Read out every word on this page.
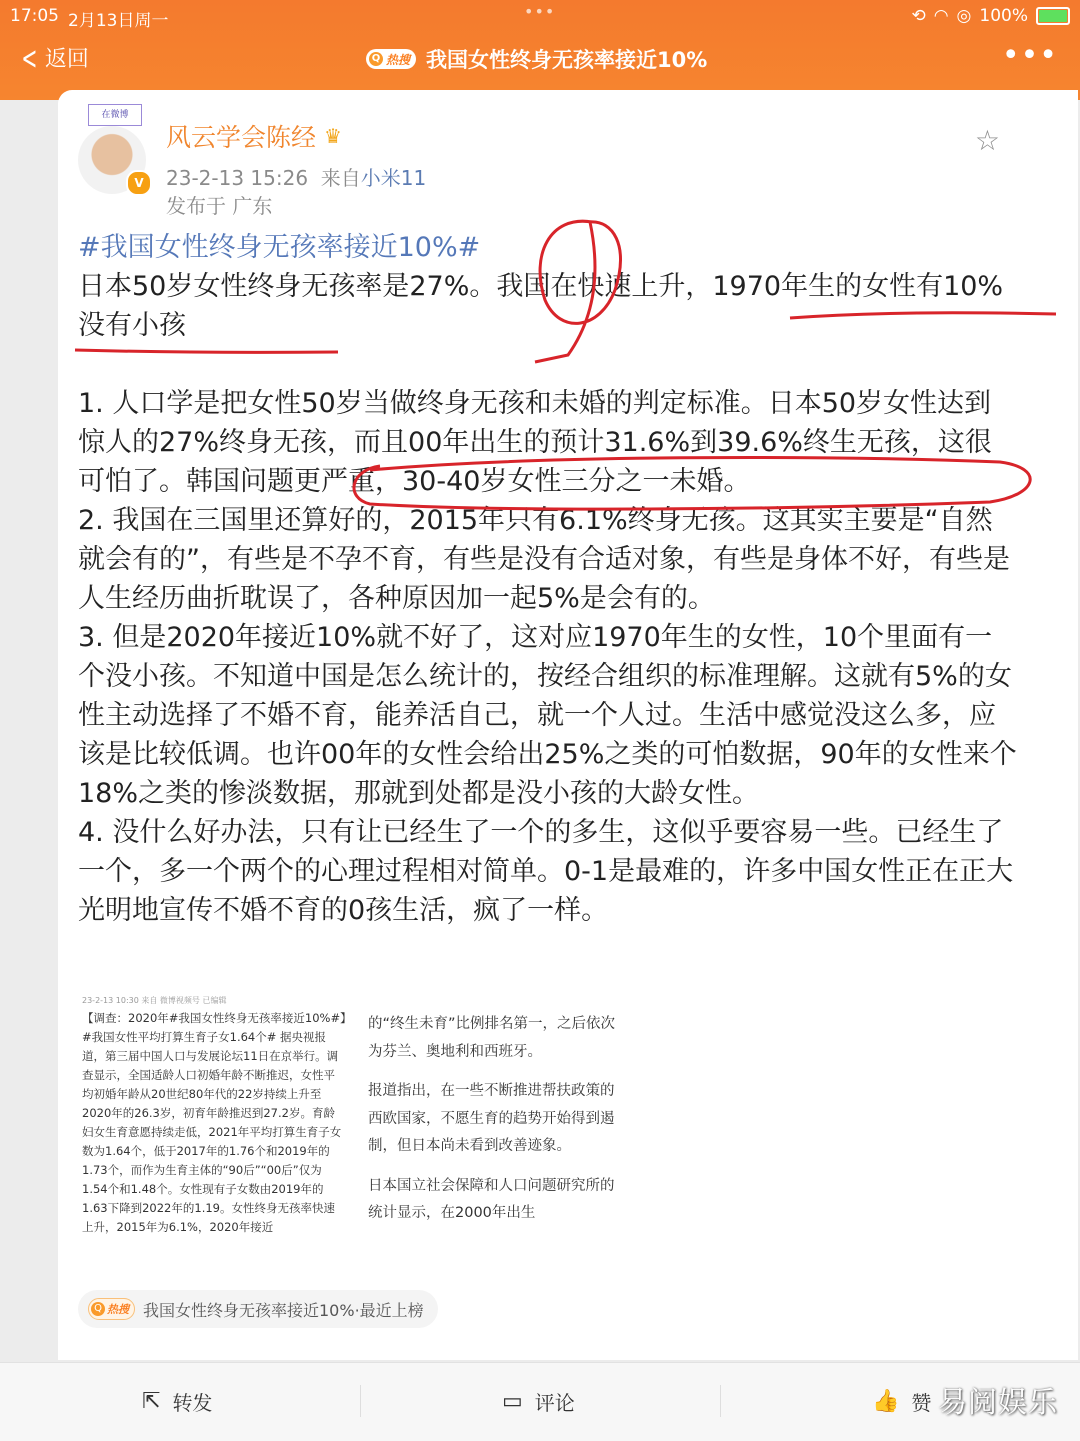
17:05 2月13日周一	•••	⟲ ◠ ◎ 100%
< 返回	Q 热搜 我国女性终身无孩率接近10%	•••
在微博
V
风云学会陈经 ♛
23-2-13 15:26 来自小米11
发布于 广东
☆

#我国女性终身无孩率接近10%#

日本50岁女性终身无孩率是27%。我国在快速上升，1970年生的女性有10%没有小孩

1. 人口学是把女性50岁当做终身无孩和未婚的判定标准。日本50岁女性达到惊人的27%终身无孩，而且00年出生的预计31.6%到39.6%终生无孩，这很可怕了。韩国问题更严重，30-40岁女性三分之一未婚。

2. 我国在三国里还算好的，2015年只有6.1%终身无孩。这其实主要是“自然就会有的”，有些是不孕不育，有些是没有合适对象，有些是身体不好，有些是人生经历曲折耽误了，各种原因加一起5%是会有的。

3. 但是2020年接近10%就不好了，这对应1970年生的女性，10个里面有一个没小孩。不知道中国是怎么统计的，按经合组织的标准理解。这就有5%的女性主动选择了不婚不育，能养活自己，就一个人过。生活中感觉没这么多，应该是比较低调。也许00年的女性会给出25%之类的可怕数据，90年的女性来个18%之类的惨淡数据，那就到处都是没小孩的大龄女性。

4. 没什么好办法，只有让已经生了一个的多生，这似乎要容易一些。已经生了一个，多一个两个的心理过程相对简单。0-1是最难的，许多中国女性正在正大光明地宣传不婚不育的0孩生活，疯了一样。

23-2-13 10:30 来自 微博视频号 已编辑
【调查：2020年#我国女性终身无孩率接近10%#】#我国女性平均打算生育子女1.64个# 据央视报道，第三届中国人口与发展论坛11日在京举行。调查显示，全国适龄人口初婚年龄不断推迟，女性平均初婚年龄从20世纪80年代的22岁持续上升至2020年的26.3岁，初育年龄推迟到27.2岁。育龄妇女生育意愿持续走低，2021年平均打算生育子女数为1.64个，低于2017年的1.76个和2019年的1.73个，而作为生育主体的“90后”“00后”仅为1.54个和1.48个。女性现有子女数由2019年的1.63下降到2022年的1.19。女性终身无孩率快速上升，2015年为6.1%，2020年接近

的“终生未育”比例排名第一，之后依次为芬兰、奥地利和西班牙。

报道指出，在一些不断推进帮扶政策的西欧国家，不愿生育的趋势开始得到遏制，但日本尚未看到改善迹象。

日本国立社会保障和人口问题研究所的统计显示，在2000年出生

Q 热搜 我国女性终身无孩率接近10%·最近上榜
⇱ 转发	▭ 评论	👍 赞 易阅娱乐
